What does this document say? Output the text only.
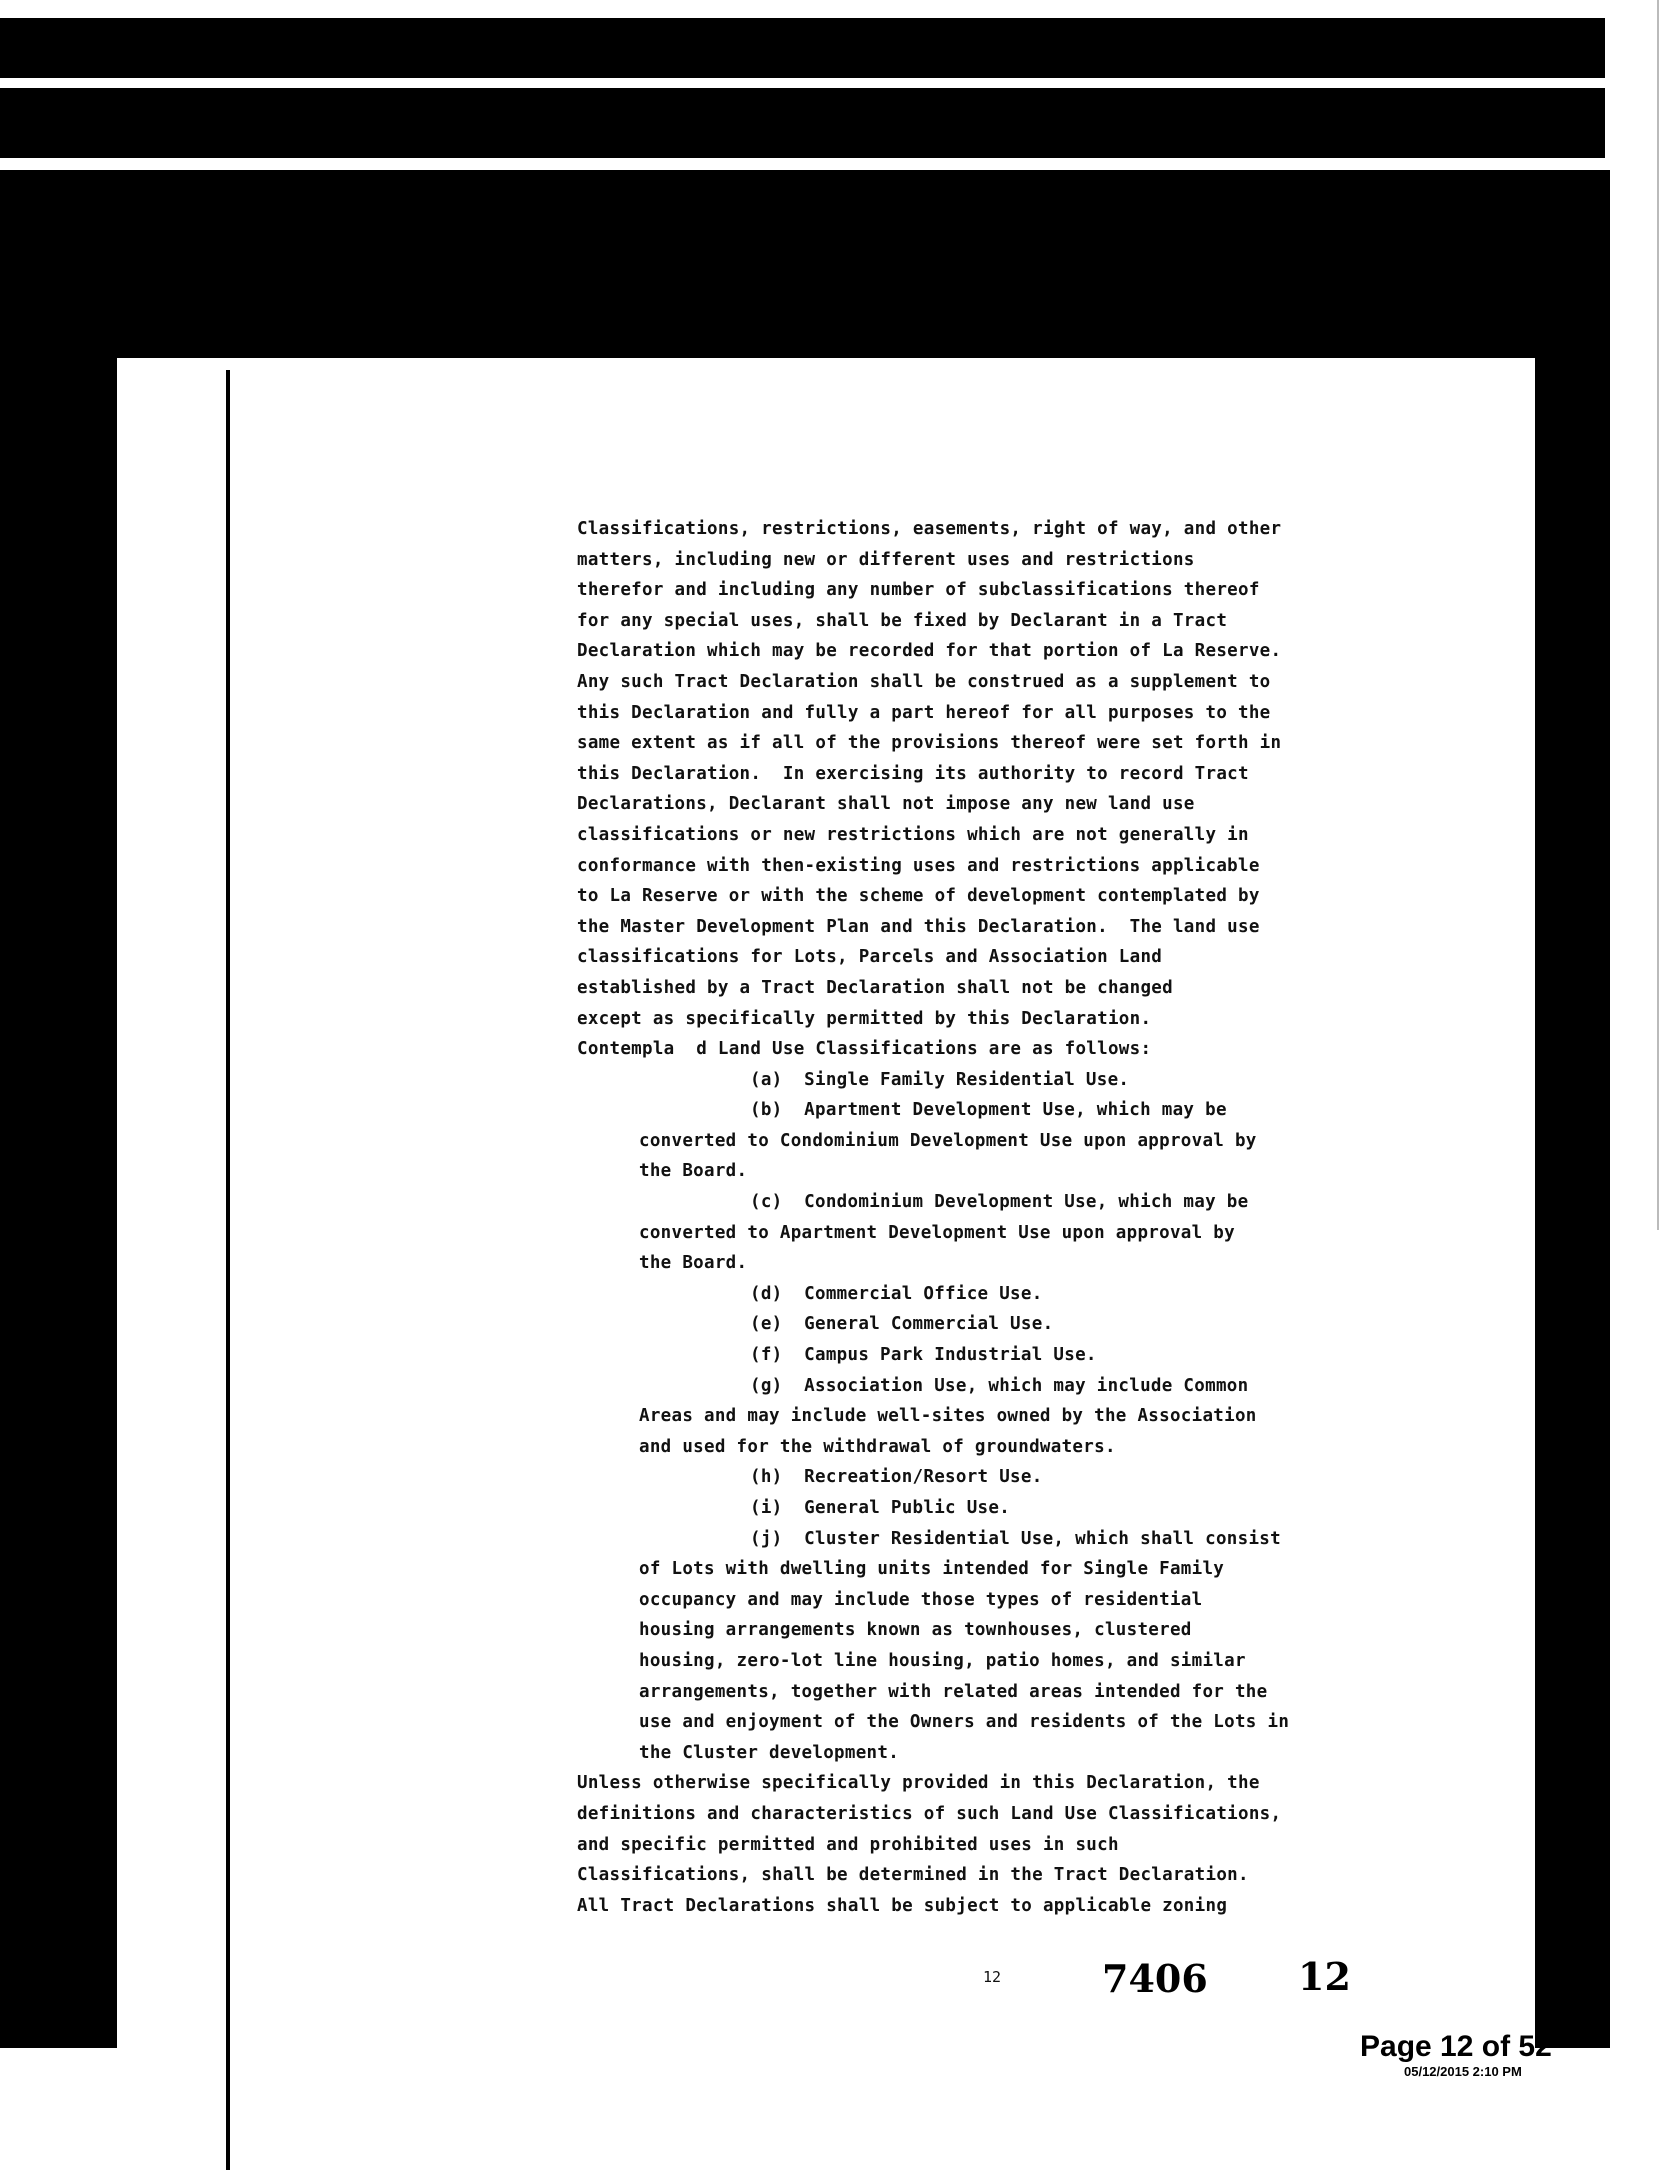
Classifications, restrictions, easements, right of way, and other
matters, including new or different uses and restrictions
therefor and including any number of subclassifications thereof
for any special uses, shall be fixed by Declarant in a Tract
Declaration which may be recorded for that portion of La Reserve.
Any such Tract Declaration shall be construed as a supplement to
this Declaration and fully a part hereof for all purposes to the
same extent as if all of the provisions thereof were set forth in
this Declaration.  In exercising its authority to record Tract
Declarations, Declarant shall not impose any new land use
classifications or new restrictions which are not generally in
conformance with then-existing uses and restrictions applicable
to La Reserve or with the scheme of development contemplated by
the Master Development Plan and this Declaration.  The land use
classifications for Lots, Parcels and Association Land
established by a Tract Declaration shall not be changed
except as specifically permitted by this Declaration.
Contempla  d Land Use Classifications are as follows:
(a)  Single Family Residential Use.
(b)  Apartment Development Use, which may be
converted to Condominium Development Use upon approval by
the Board.
(c)  Condominium Development Use, which may be
converted to Apartment Development Use upon approval by
the Board.
(d)  Commercial Office Use.
(e)  General Commercial Use.
(f)  Campus Park Industrial Use.
(g)  Association Use, which may include Common
Areas and may include well-sites owned by the Association
and used for the withdrawal of groundwaters.
(h)  Recreation/Resort Use.
(i)  General Public Use.
(j)  Cluster Residential Use, which shall consist
of Lots with dwelling units intended for Single Family
occupancy and may include those types of residential
housing arrangements known as townhouses, clustered
housing, zero-lot line housing, patio homes, and similar
arrangements, together with related areas intended for the
use and enjoyment of the Owners and residents of the Lots in
the Cluster development.
Unless otherwise specifically provided in this Declaration, the
definitions and characteristics of such Land Use Classifications,
and specific permitted and prohibited uses in such
Classifications, shall be determined in the Tract Declaration.
All Tract Declarations shall be subject to applicable zoning
12	7406 12
Page 12 of 52
05/12/2015 2:10 PM
